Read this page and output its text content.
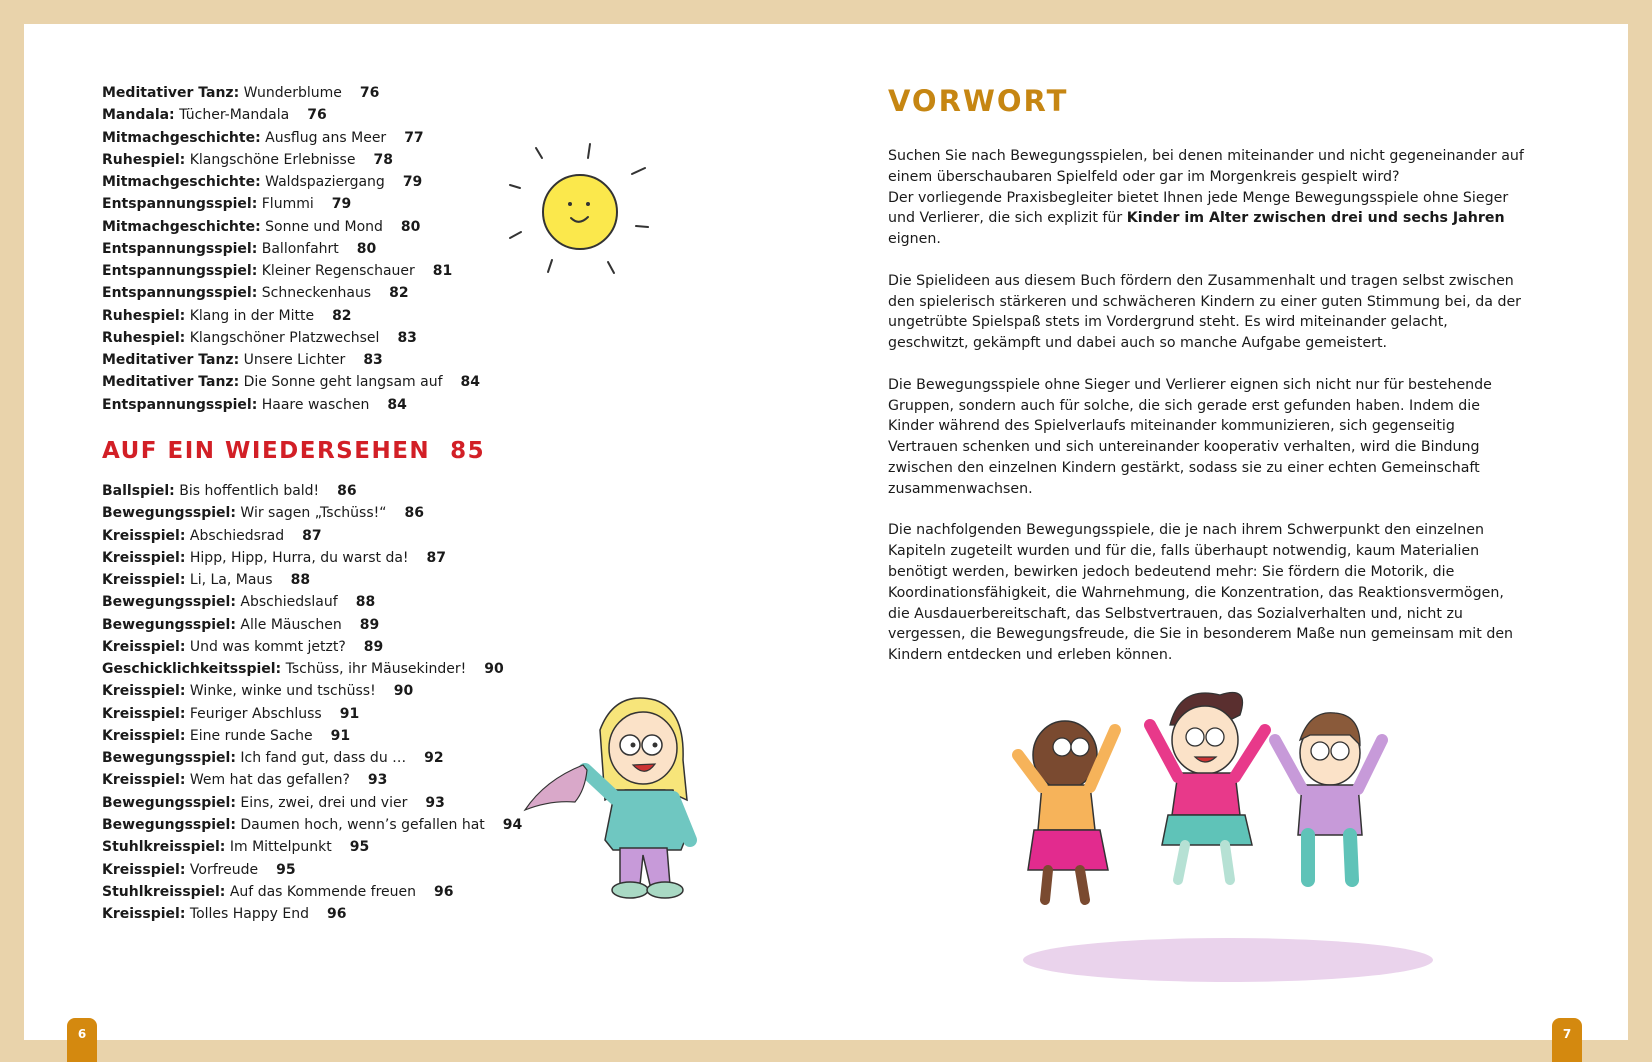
Meditativer Tanz: Wunderblume 76
Mandala: Tücher-Mandala 76
Mitmachgeschichte: Ausflug ans Meer 77
Ruhespiel: Klangschöne Erlebnisse 78
Mitmachgeschichte: Waldspaziergang 79
Entspannungsspiel: Flummi 79
Mitmachgeschichte: Sonne und Mond 80
Entspannungsspiel: Ballonfahrt 80
Entspannungsspiel: Kleiner Regenschauer 81
Entspannungsspiel: Schneckenhaus 82
Ruhespiel: Klang in der Mitte 82
Ruhespiel: Klangschöner Platzwechsel 83
Meditativer Tanz: Unsere Lichter 83
Meditativer Tanz: Die Sonne geht langsam auf 84
Entspannungsspiel: Haare waschen 84
AUF EIN WIEDERSEHEN 85
Ballspiel: Bis hoffentlich bald! 86
Bewegungsspiel: Wir sagen „Tschüss!“ 86
Kreisspiel: Abschiedsrad 87
Kreisspiel: Hipp, Hipp, Hurra, du warst da! 87
Kreisspiel: Li, La, Maus 88
Bewegungsspiel: Abschiedslauf 88
Bewegungsspiel: Alle Mäuschen 89
Kreisspiel: Und was kommt jetzt? 89
Geschicklichkeitsspiel: Tschüss, ihr Mäusekinder! 90
Kreisspiel: Winke, winke und tschüss! 90
Kreisspiel: Feuriger Abschluss 91
Kreisspiel: Eine runde Sache 91
Bewegungsspiel: Ich fand gut, dass du … 92
Kreisspiel: Wem hat das gefallen? 93
Bewegungsspiel: Eins, zwei, drei und vier 93
Bewegungsspiel: Daumen hoch, wenn’s gefallen hat 94
Stuhlkreisspiel: Im Mittelpunkt 95
Kreisspiel: Vorfreude 95
Stuhlkreisspiel: Auf das Kommende freuen 96
Kreisspiel: Tolles Happy End 96
VORWORT

Suchen Sie nach Bewegungsspielen, bei denen miteinander und nicht gegeneinander auf einem überschaubaren Spielfeld oder gar im Morgenkreis gespielt wird?
Der vorliegende Praxisbegleiter bietet Ihnen jede Menge Bewegungsspiele ohne Sieger und Verlierer, die sich explizit für Kinder im Alter zwischen drei und sechs Jahren eignen.

Die Spielideen aus diesem Buch fördern den Zusammenhalt und tragen selbst zwischen den spielerisch stärkeren und schwächeren Kindern zu einer guten Stimmung bei, da der ungetrübte Spielspaß stets im Vordergrund steht. Es wird miteinander gelacht, geschwitzt, gekämpft und dabei auch so manche Aufgabe gemeistert.

Die Bewegungsspiele ohne Sieger und Verlierer eignen sich nicht nur für bestehende Gruppen, sondern auch für solche, die sich gerade erst gefunden haben. Indem die Kinder während des Spielverlaufs miteinander kommunizieren, sich gegenseitig Vertrauen schenken und sich untereinander kooperativ verhalten, wird die Bindung zwischen den einzelnen Kindern gestärkt, sodass sie zu einer echten Gemeinschaft zusammenwachsen.

Die nachfolgenden Bewegungsspiele, die je nach ihrem Schwerpunkt den einzelnen Kapiteln zugeteilt wurden und für die, falls überhaupt notwendig, kaum Materialien benötigt werden, bewirken jedoch bedeutend mehr: Sie fördern die Motorik, die Koordinationsfähigkeit, die Wahrnehmung, die Konzentration, das Reaktionsvermögen, die Ausdauerbereitschaft, das Selbstvertrauen, das Sozialverhalten und, nicht zu vergessen, die Bewegungsfreude, die Sie in besonderem Maße nun gemeinsam mit den Kindern entdecken und erleben können.

6	7
